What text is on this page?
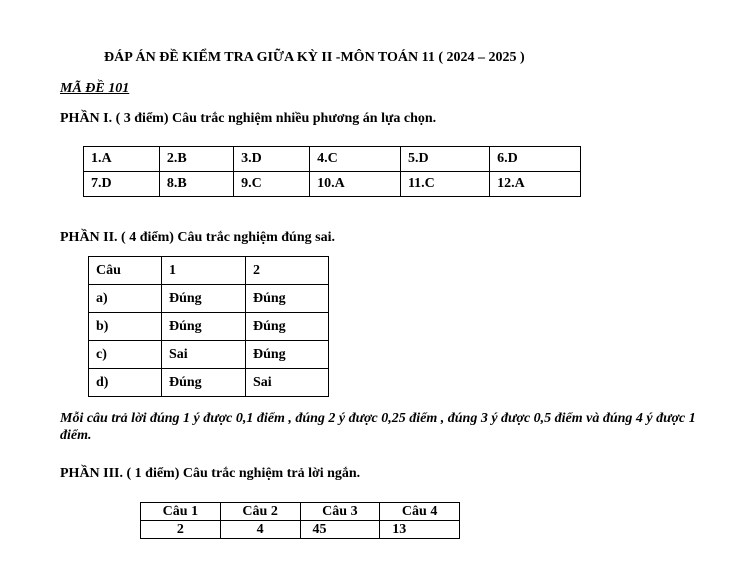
ĐÁP ÁN ĐỀ KIỂM TRA GIỮA KỲ II -MÔN TOÁN 11 ( 2024 – 2025 )
MÃ ĐỀ 101
PHẦN I. ( 3 điểm) Câu trắc nghiệm nhiều phương án lựa chọn.
1.A	2.B	3.D	4.C	5.D	6.D
7.D	8.B	9.C	10.A	11.C	12.A
PHẦN II. ( 4 điểm) Câu trắc nghiệm đúng sai.
Câu	1	2
a)	Đúng	Đúng
b)	Đúng	Đúng
c)	Sai	Đúng
d)	Đúng	Sai
Mỗi câu trả lời đúng 1 ý được 0,1 điểm , đúng 2 ý được 0,25 điểm , đúng 3 ý được 0,5 điểm và đúng 4 ý được 1 điểm.
PHẦN III. ( 1 điểm) Câu trắc nghiệm trả lời ngắn.
Câu 1	Câu 2	Câu 3	Câu 4
2	4	45	13
